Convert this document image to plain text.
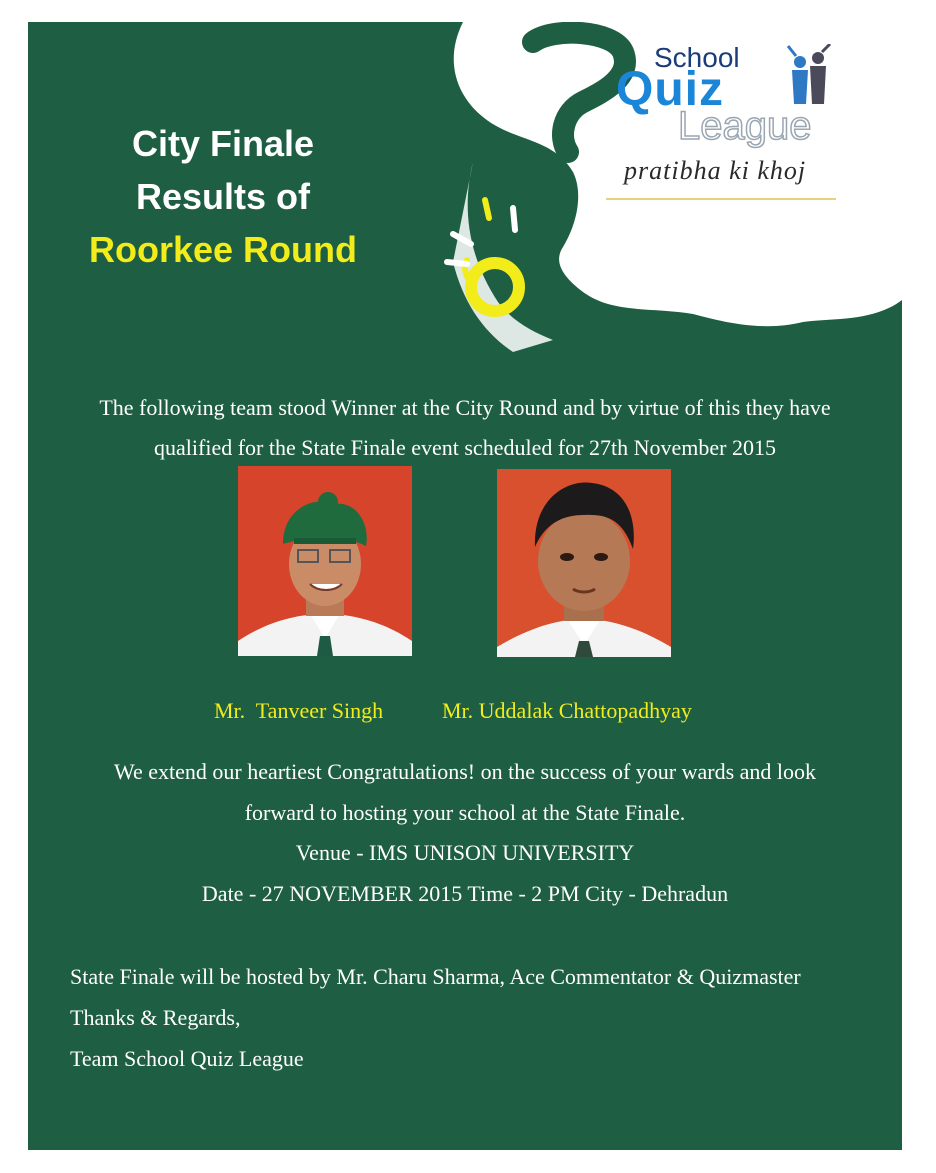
School
Quiz
League
pratibha ki khoj
City Finale
Results of
Roorkee Round
The following team stood Winner at the City Round and by virtue of this they have
qualified for the State Finale event scheduled for 27th November 2015
Mr.  Tanveer Singh	Mr. Uddalak Chattopadhyay
We extend our heartiest Congratulations! on the success of your wards and look
forward to hosting your school at the State Finale.
Venue - IMS UNISON UNIVERSITY
Date - 27 NOVEMBER 2015 Time - 2 PM City - Dehradun
State Finale will be hosted by Mr. Charu Sharma, Ace Commentator & Quizmaster
Thanks & Regards,
Team School Quiz League
